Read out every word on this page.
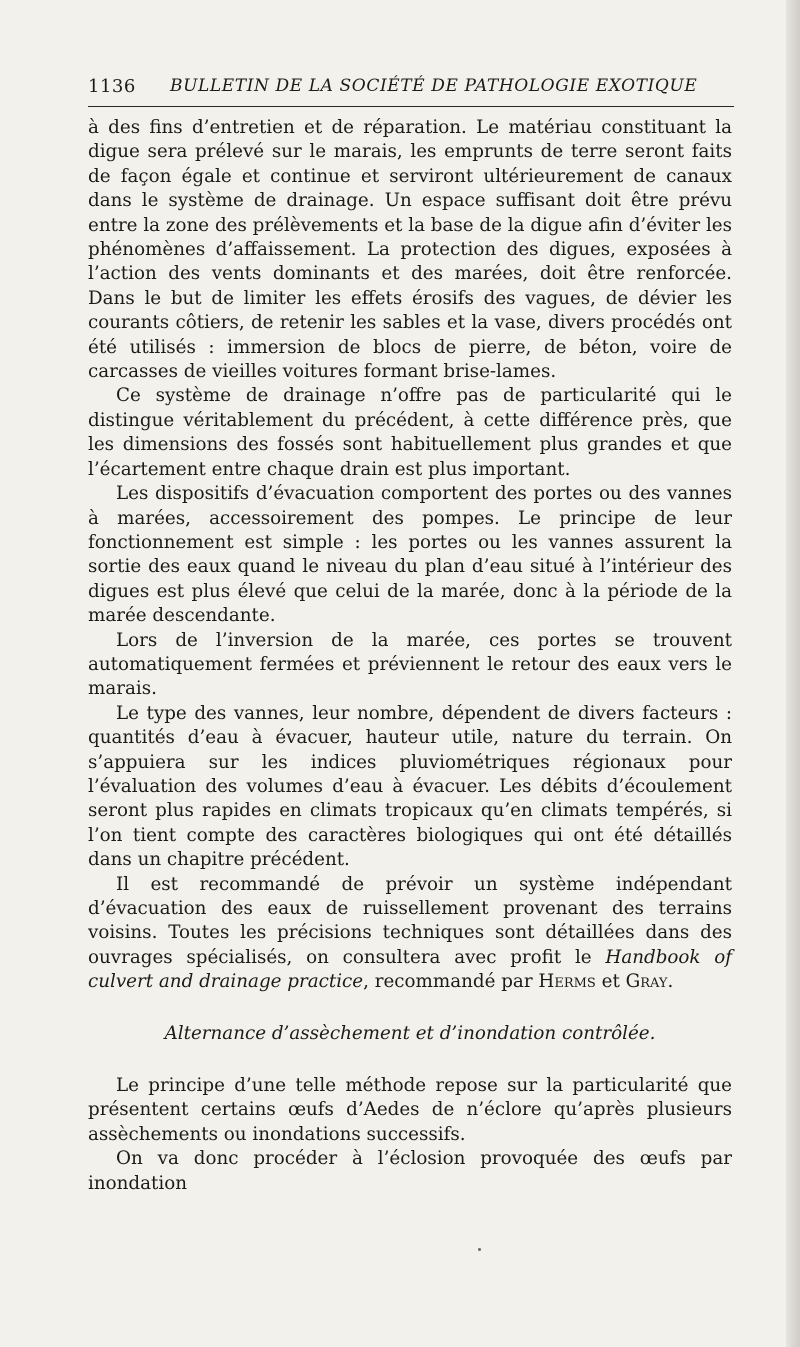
1136 BULLETIN DE LA SOCIÉTÉ DE PATHOLOGIE EXOTIQUE

à des fins d’entretien et de réparation. Le matériau constituant la digue sera prélevé sur le marais, les emprunts de terre seront faits de façon égale et continue et serviront ultérieurement de canaux dans le système de drainage. Un espace suffisant doit être prévu entre la zone des prélèvements et la base de la digue afin d’éviter les phénomènes d’affaissement. La protection des digues, exposées à l’action des vents dominants et des marées, doit être renforcée. Dans le but de limiter les effets érosifs des vagues, de dévier les courants côtiers, de retenir les sables et la vase, divers procédés ont été utilisés : immersion de blocs de pierre, de béton, voire de carcasses de vieilles voitures formant brise-lames.

Ce système de drainage n’offre pas de particularité qui le distingue véritablement du précédent, à cette différence près, que les dimensions des fossés sont habituellement plus grandes et que l’écartement entre chaque drain est plus important.

Les dispositifs d’évacuation comportent des portes ou des vannes à marées, accessoirement des pompes. Le principe de leur fonctionnement est simple : les portes ou les vannes assurent la sortie des eaux quand le niveau du plan d’eau situé à l’intérieur des digues est plus élevé que celui de la marée, donc à la période de la marée descendante.

Lors de l’inversion de la marée, ces portes se trouvent automatiquement fermées et préviennent le retour des eaux vers le marais.

Le type des vannes, leur nombre, dépendent de divers facteurs : quantités d’eau à évacuer, hauteur utile, nature du terrain. On s’appuiera sur les indices pluviométriques régionaux pour l’évaluation des volumes d’eau à évacuer. Les débits d’écoulement seront plus rapides en climats tropicaux qu’en climats tempérés, si l’on tient compte des caractères biologiques qui ont été détaillés dans un chapitre précédent.

Il est recommandé de prévoir un système indépendant d’évacuation des eaux de ruissellement provenant des terrains voisins. Toutes les précisions techniques sont détaillées dans des ouvrages spécialisés, on consultera avec profit le Handbook of culvert and drainage practice, recommandé par Herms et Gray.

Alternance d’assèchement et d’inondation contrôlée.

Le principe d’une telle méthode repose sur la particularité que présentent certains œufs d’Aedes de n’éclore qu’après plusieurs assèchements ou inondations successifs.

On va donc procéder à l’éclosion provoquée des œufs par inondation
